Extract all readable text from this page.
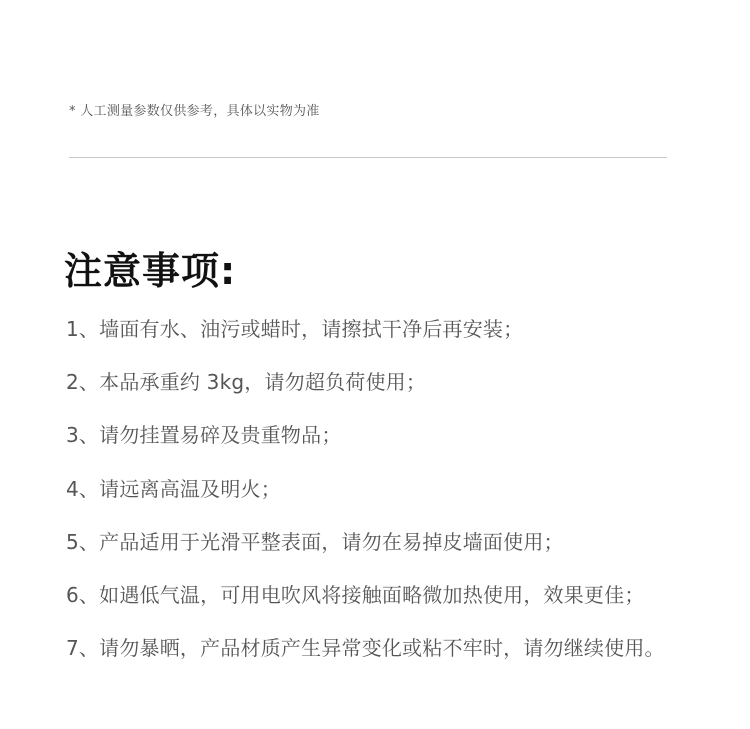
* 人工测量参数仅供参考，具体以实物为准
注意事项:
1、墙面有水、油污或蜡时，请擦拭干净后再安装；
2、本品承重约 3kg，请勿超负荷使用；
3、请勿挂置易碎及贵重物品；
4、请远离高温及明火；
5、产品适用于光滑平整表面，请勿在易掉皮墙面使用；
6、如遇低气温，可用电吹风将接触面略微加热使用，效果更佳；
7、请勿暴晒，产品材质产生异常变化或粘不牢时，请勿继续使用。
